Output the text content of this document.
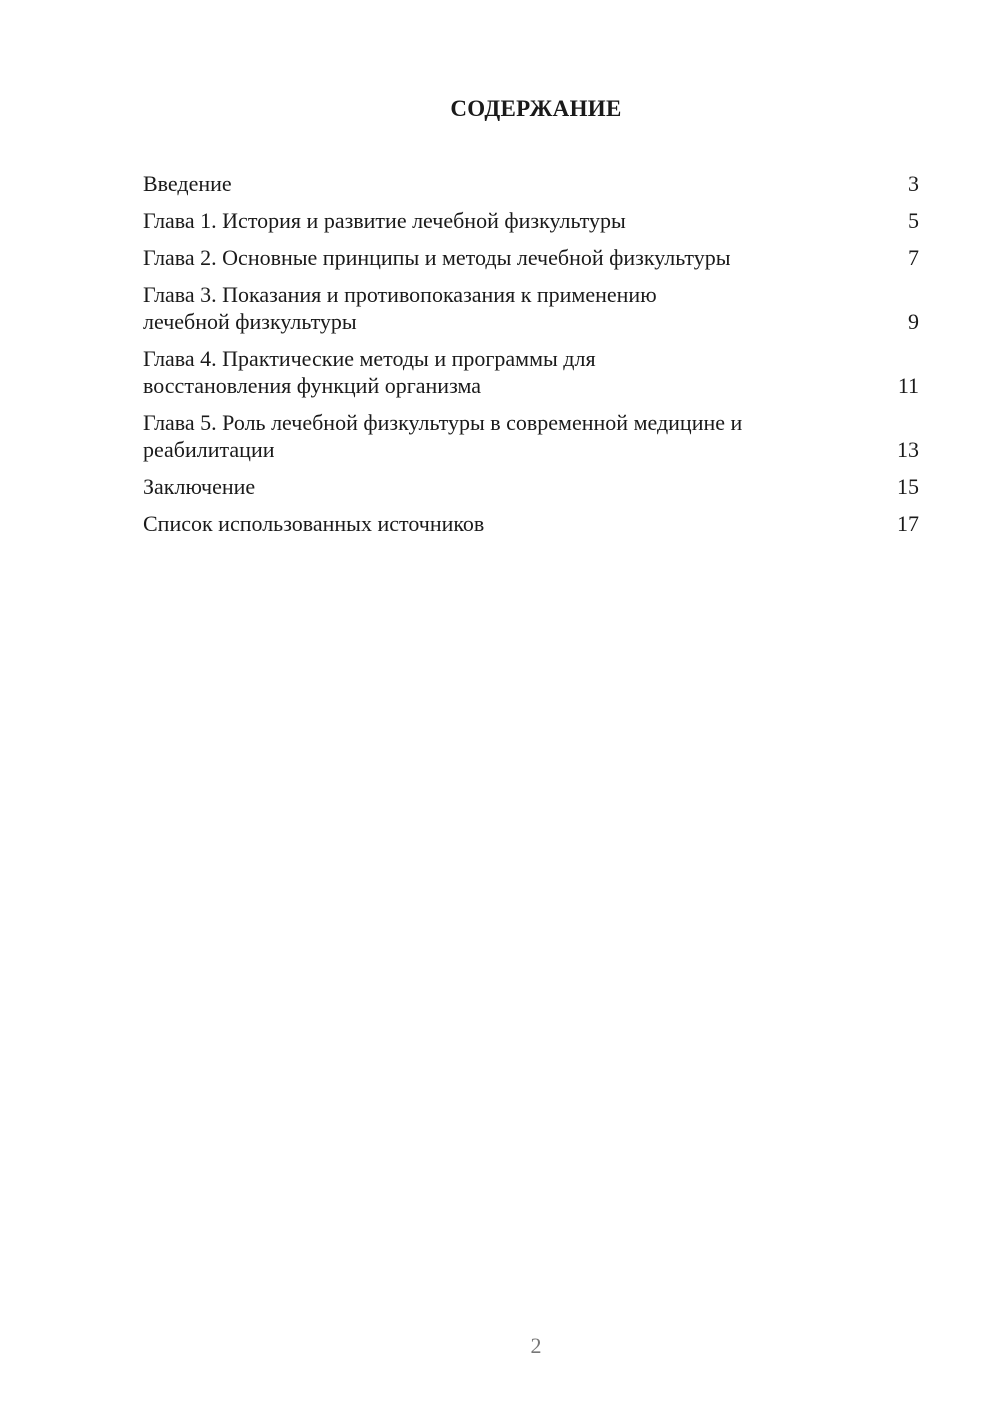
СОДЕРЖАНИЕ
Введение	3
Глава 1. История и развитие лечебной физкультуры	5
Глава 2. Основные принципы и методы лечебной физкультуры	7
Глава 3. Показания и противопоказания к применению
лечебной физкультуры	9
Глава 4. Практические методы и программы для
восстановления функций организма	11
Глава 5. Роль лечебной физкультуры в современной медицине и
реабилитации	13
Заключение	15
Список использованных источников	17
2
